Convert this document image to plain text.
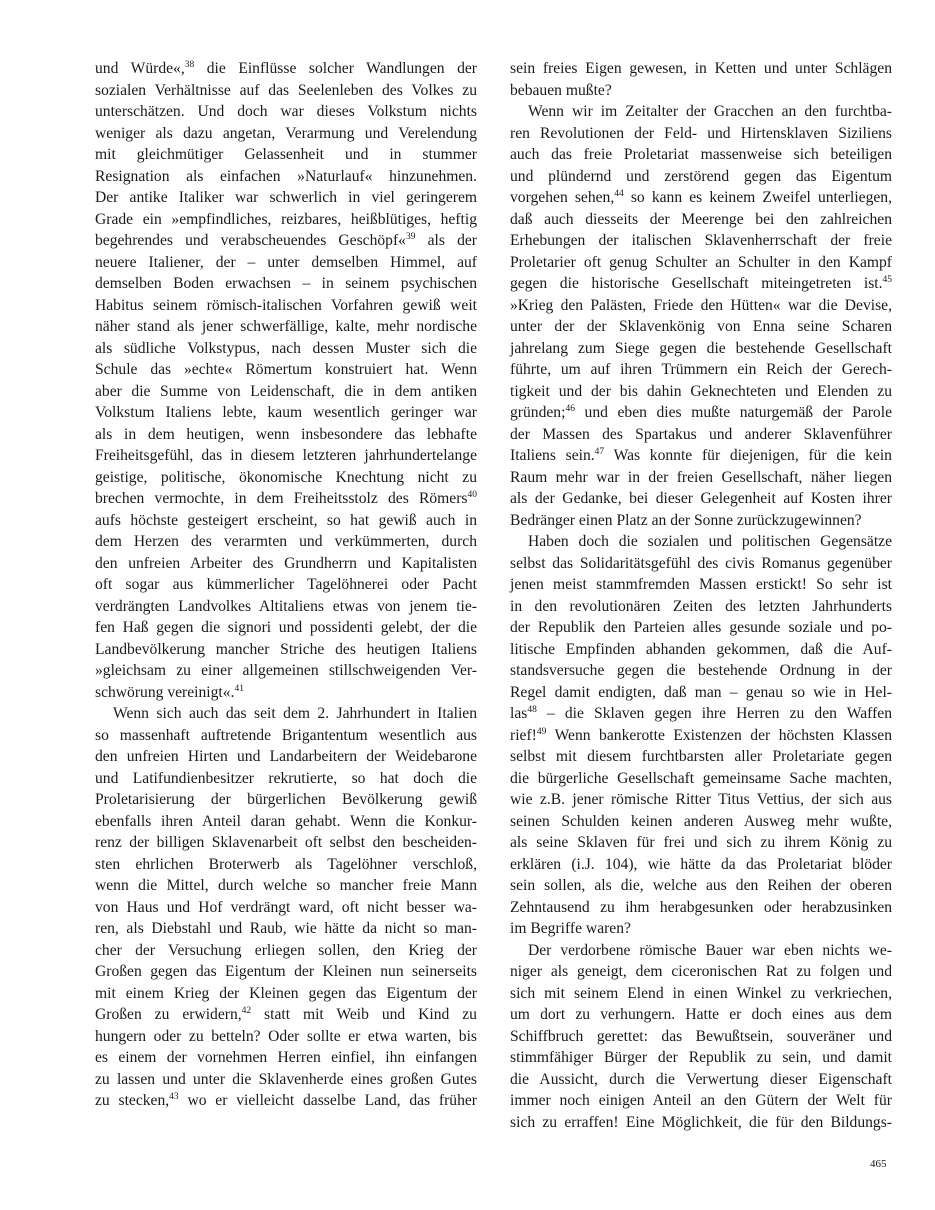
und Würde«,$^{38}$ die Einflüsse solcher Wandlungen der
sozialen Verhältnisse auf das Seelenleben des Volkes zu
unterschätzen. Und doch war dieses Volkstum nichts
weniger als dazu angetan, Verarmung und Verelendung
mit gleichmütiger Gelassenheit und in stummer
Resignation als einfachen »Naturlauf« hinzunehmen.
Der antike Italiker war schwerlich in viel geringerem
Grade ein »empfindliches, reizbares, heißblütiges, heftig
begehrendes und verabscheuendes Geschöpf«$^{39}$ als der
neuere Italiener, der – unter demselben Himmel, auf
demselben Boden erwachsen – in seinem psychischen
Habitus seinem römisch-italischen Vorfahren gewiß weit
näher stand als jener schwerfällige, kalte, mehr nordische
als südliche Volkstypus, nach dessen Muster sich die
Schule das »echte« Römertum konstruiert hat. Wenn
aber die Summe von Leidenschaft, die in dem antiken
Volkstum Italiens lebte, kaum wesentlich geringer war
als in dem heutigen, wenn insbesondere das lebhafte
Freiheitsgefühl, das in diesem letzteren jahrhundertelange
geistige, politische, ökonomische Knechtung nicht zu
brechen vermochte, in dem Freiheitsstolz des Römers$^{40}$
aufs höchste gesteigert erscheint, so hat gewiß auch in
dem Herzen des verarmten und verkümmerten, durch
den unfreien Arbeiter des Grundherrn und Kapitalisten
oft sogar aus kümmerlicher Tagelöhnerei oder Pacht
verdrängten Landvolkes Altitaliens etwas von jenem tie-
fen Haß gegen die signori und possidenti gelebt, der die
Landbevölkerung mancher Striche des heutigen Italiens
»gleichsam zu einer allgemeinen stillschweigenden Ver-
schwörung vereinigt«.$^{41}$
Wenn sich auch das seit dem 2. Jahrhundert in Italien
so massenhaft auftretende Brigantentum wesentlich aus
den unfreien Hirten und Landarbeitern der Weidebarone
und Latifundienbesitzer rekrutierte, so hat doch die
Proletarisierung der bürgerlichen Bevölkerung gewiß
ebenfalls ihren Anteil daran gehabt. Wenn die Konkur-
renz der billigen Sklavenarbeit oft selbst den bescheiden-
sten ehrlichen Broterwerb als Tagelöhner verschloß,
wenn die Mittel, durch welche so mancher freie Mann
von Haus und Hof verdrängt ward, oft nicht besser wa-
ren, als Diebstahl und Raub, wie hätte da nicht so man-
cher der Versuchung erliegen sollen, den Krieg der
Großen gegen das Eigentum der Kleinen nun seinerseits
mit einem Krieg der Kleinen gegen das Eigentum der
Großen zu erwidern,$^{42}$ statt mit Weib und Kind zu
hungern oder zu betteln? Oder sollte er etwa warten, bis
es einem der vornehmen Herren einfiel, ihn einfangen
zu lassen und unter die Sklavenherde eines großen Gutes
zu stecken,$^{43}$ wo er vielleicht dasselbe Land, das früher
sein freies Eigen gewesen, in Ketten und unter Schlägen
bebauen mußte?
Wenn wir im Zeitalter der Gracchen an den furchtba-
ren Revolutionen der Feld- und Hirtensklaven Siziliens
auch das freie Proletariat massenweise sich beteiligen
und plündernd und zerstörend gegen das Eigentum
vorgehen sehen,$^{44}$ so kann es keinem Zweifel unterliegen,
daß auch diesseits der Meerenge bei den zahlreichen
Erhebungen der italischen Sklavenherrschaft der freie
Proletarier oft genug Schulter an Schulter in den Kampf
gegen die historische Gesellschaft miteingetreten ist.$^{45}$
»Krieg den Palästen, Friede den Hütten« war die Devise,
unter der der Sklavenkönig von Enna seine Scharen
jahrelang zum Siege gegen die bestehende Gesellschaft
führte, um auf ihren Trümmern ein Reich der Gerech-
tigkeit und der bis dahin Geknechteten und Elenden zu
gründen;$^{46}$ und eben dies mußte naturgemäß der Parole
der Massen des Spartakus und anderer Sklavenführer
Italiens sein.$^{47}$ Was konnte für diejenigen, für die kein
Raum mehr war in der freien Gesellschaft, näher liegen
als der Gedanke, bei dieser Gelegenheit auf Kosten ihrer
Bedränger einen Platz an der Sonne zurückzugewinnen?
Haben doch die sozialen und politischen Gegensätze
selbst das Solidaritätsgefühl des civis Romanus gegenüber
jenen meist stammfremden Massen erstickt! So sehr ist
in den revolutionären Zeiten des letzten Jahrhunderts
der Republik den Parteien alles gesunde soziale und po-
litische Empfinden abhanden gekommen, daß die Auf-
standsversuche gegen die bestehende Ordnung in der
Regel damit endigten, daß man – genau so wie in Hel-
las$^{48}$ – die Sklaven gegen ihre Herren zu den Waffen
rief!$^{49}$ Wenn bankerotte Existenzen der höchsten Klassen
selbst mit diesem furchtbarsten aller Proletariate gegen
die bürgerliche Gesellschaft gemeinsame Sache machten,
wie z.B. jener römische Ritter Titus Vettius, der sich aus
seinen Schulden keinen anderen Ausweg mehr wußte,
als seine Sklaven für frei und sich zu ihrem König zu
erklären (i.J. 104), wie hätte da das Proletariat blöder
sein sollen, als die, welche aus den Reihen der oberen
Zehntausend zu ihm herabgesunken oder herabzusinken
im Begriffe waren?
Der verdorbene römische Bauer war eben nichts we-
niger als geneigt, dem ciceronischen Rat zu folgen und
sich mit seinem Elend in einen Winkel zu verkriechen,
um dort zu verhungern. Hatte er doch eines aus dem
Schiffbruch gerettet: das Bewußtsein, souveräner und
stimmfähiger Bürger der Republik zu sein, und damit
die Aussicht, durch die Verwertung dieser Eigenschaft
immer noch einigen Anteil an den Gütern der Welt für
sich zu erraffen! Eine Möglichkeit, die für den Bildungs-
465
